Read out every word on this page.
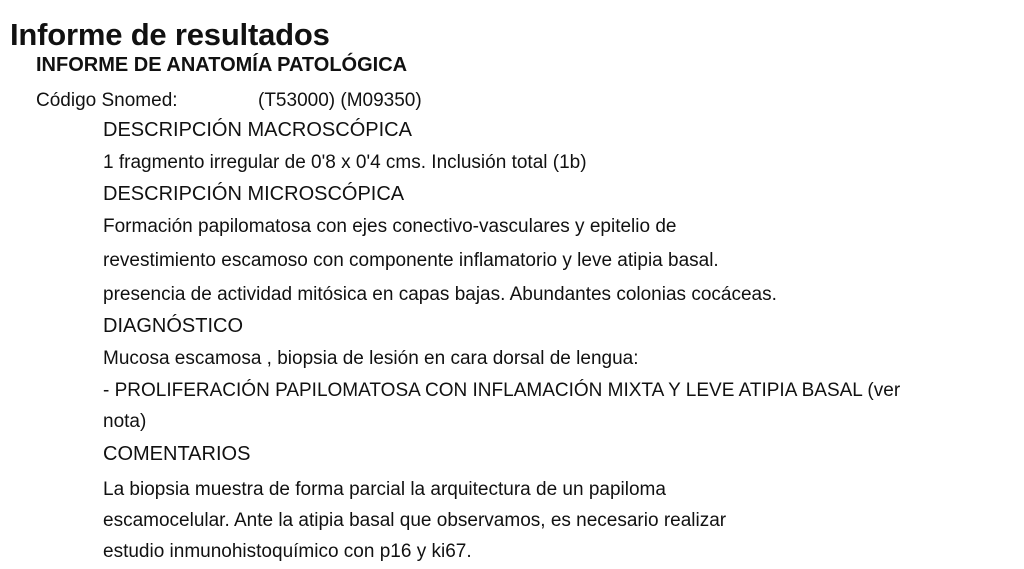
Informe de resultados
INFORME DE ANATOMÍA PATOLÓGICA
Código Snomed:	(T53000) (M09350)
DESCRIPCIÓN MACROSCÓPICA
1 fragmento irregular de 0'8 x 0'4 cms. Inclusión total (1b)
DESCRIPCIÓN MICROSCÓPICA
Formación papilomatosa con ejes conectivo-vasculares y epitelio de
revestimiento escamoso con componente inflamatorio y leve atipia basal.
presencia de actividad mitósica en capas bajas. Abundantes colonias cocáceas.
DIAGNÓSTICO
Mucosa escamosa , biopsia de lesión en cara dorsal de lengua:
- PROLIFERACIÓN PAPILOMATOSA CON INFLAMACIÓN MIXTA Y LEVE ATIPIA BASAL (ver
nota)
COMENTARIOS
La biopsia muestra de forma parcial la arquitectura de un papiloma
escamocelular. Ante la atipia basal que observamos, es necesario realizar
estudio inmunohistoquímico con p16 y ki67.
